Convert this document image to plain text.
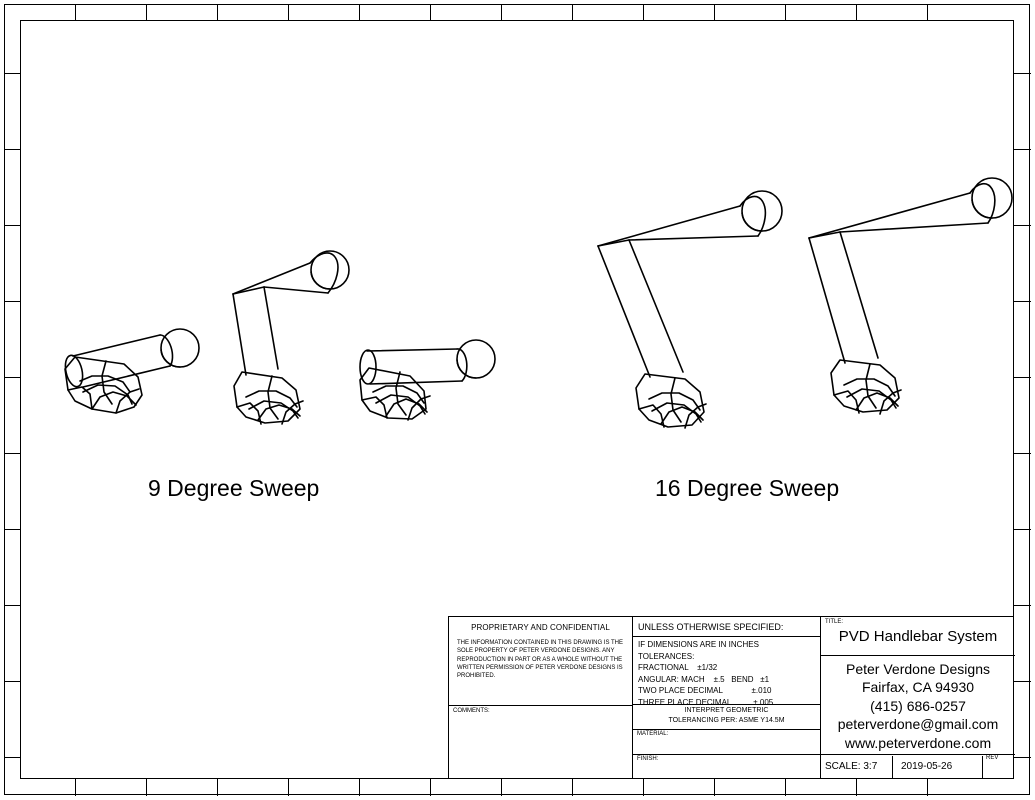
9 Degree Sweep	16 Degree Sweep
PROPRIETARY AND CONFIDENTIAL
THE INFORMATION CONTAINED IN THIS DRAWING IS THE SOLE PROPERTY OF PETER VERDONE DESIGNS. ANY REPRODUCTION IN PART OR AS A WHOLE WITHOUT THE WRITTEN PERMISSION OF PETER VERDONE DESIGNS IS PROHIBITED.
COMMENTS:
UNLESS OTHERWISE SPECIFIED:
IF DIMENSIONS ARE IN INCHES
TOLERANCES:
FRACTIONAL    ±1/32
ANGULAR: MACH    ±.5   BEND   ±1
TWO PLACE DECIMAL             ±.010
THREE PLACE DECIMAL          ±.005
INTERPRET GEOMETRIC
TOLERANCING PER: ASME Y14.5M
MATERIAL:
FINISH:
TITLE:
PVD Handlebar System
Peter Verdone Designs
Fairfax, CA 94930
(415) 686-0257
peterverdone@gmail.com
www.peterverdone.com
SCALE: 3:7	2019-05-26
REV
